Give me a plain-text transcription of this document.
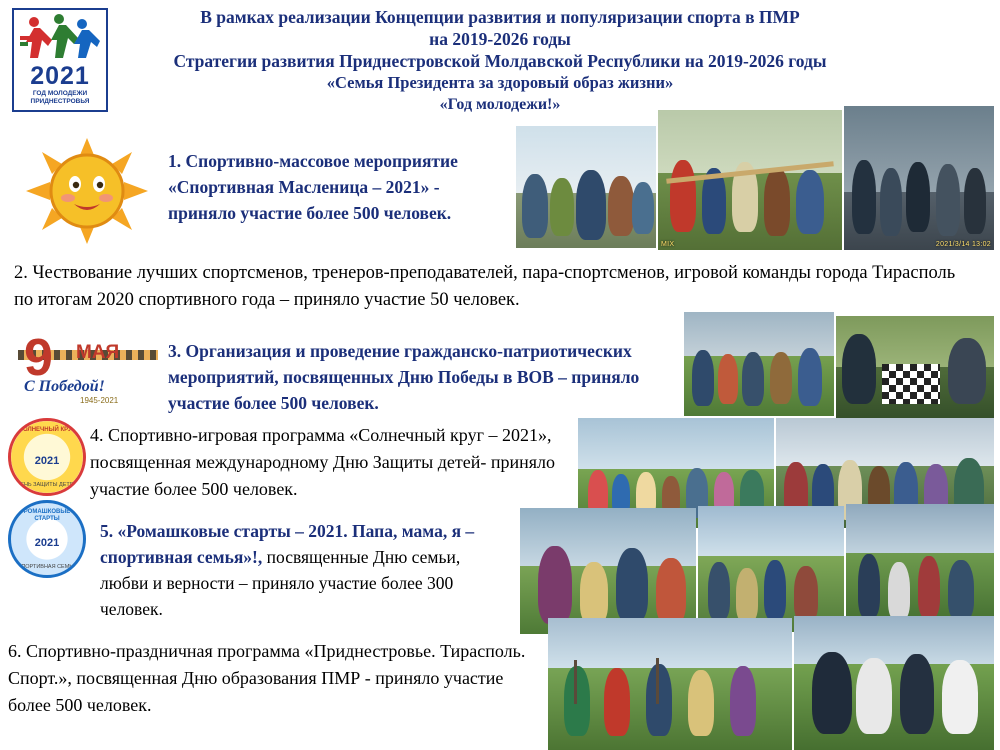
2021
ГОД МОЛОДЕЖИ
ПРИДНЕСТРОВЬЯ
В рамках реализации Концепции развития и популяризации спорта в ПМР
на 2019-2026 годы
Стратегии развития Приднестровской Молдавской Республики на 2019-2026 годы
«Семья Президента за здоровый образ жизни»
«Год молодежи!»
1. Спортивно-массовое мероприятие «Спортивная Масленица – 2021» - приняло участие более 500 человек.
MIX	2021/3/14 13:02
2. Чествование лучших спортсменов, тренеров-преподавателей, пара-спортсменов, игровой команды города Тирасполь по итогам 2020 спортивного года – приняло участие 50 человек.
9 МАЯ
С Победой!
1945-2021
3. Организация и проведение гражданско-патриотических мероприятий, посвященных Дню Победы в ВОВ – приняло участие более 500 человек.
СОЛНЕЧНЫЙ КРУГ
2021
ДЕНЬ ЗАЩИТЫ ДЕТЕЙ
4. Спортивно-игровая программа «Солнечный круг – 2021», посвященная международному Дню Защиты детей- приняло участие более 500 человек.
РОМАШКОВЫЕ СТАРТЫ
2021
СПОРТИВНАЯ СЕМЬЯ
5. «Ромашковые старты – 2021. Папа, мама, я – спортивная семья»!, посвященные Дню семьи, любви и верности – приняло участие более 300 человек.
6. Спортивно-праздничная программа «Приднестровье. Тирасполь. Спорт.», посвященная Дню образования ПМР - приняло участие более 500 человек.
